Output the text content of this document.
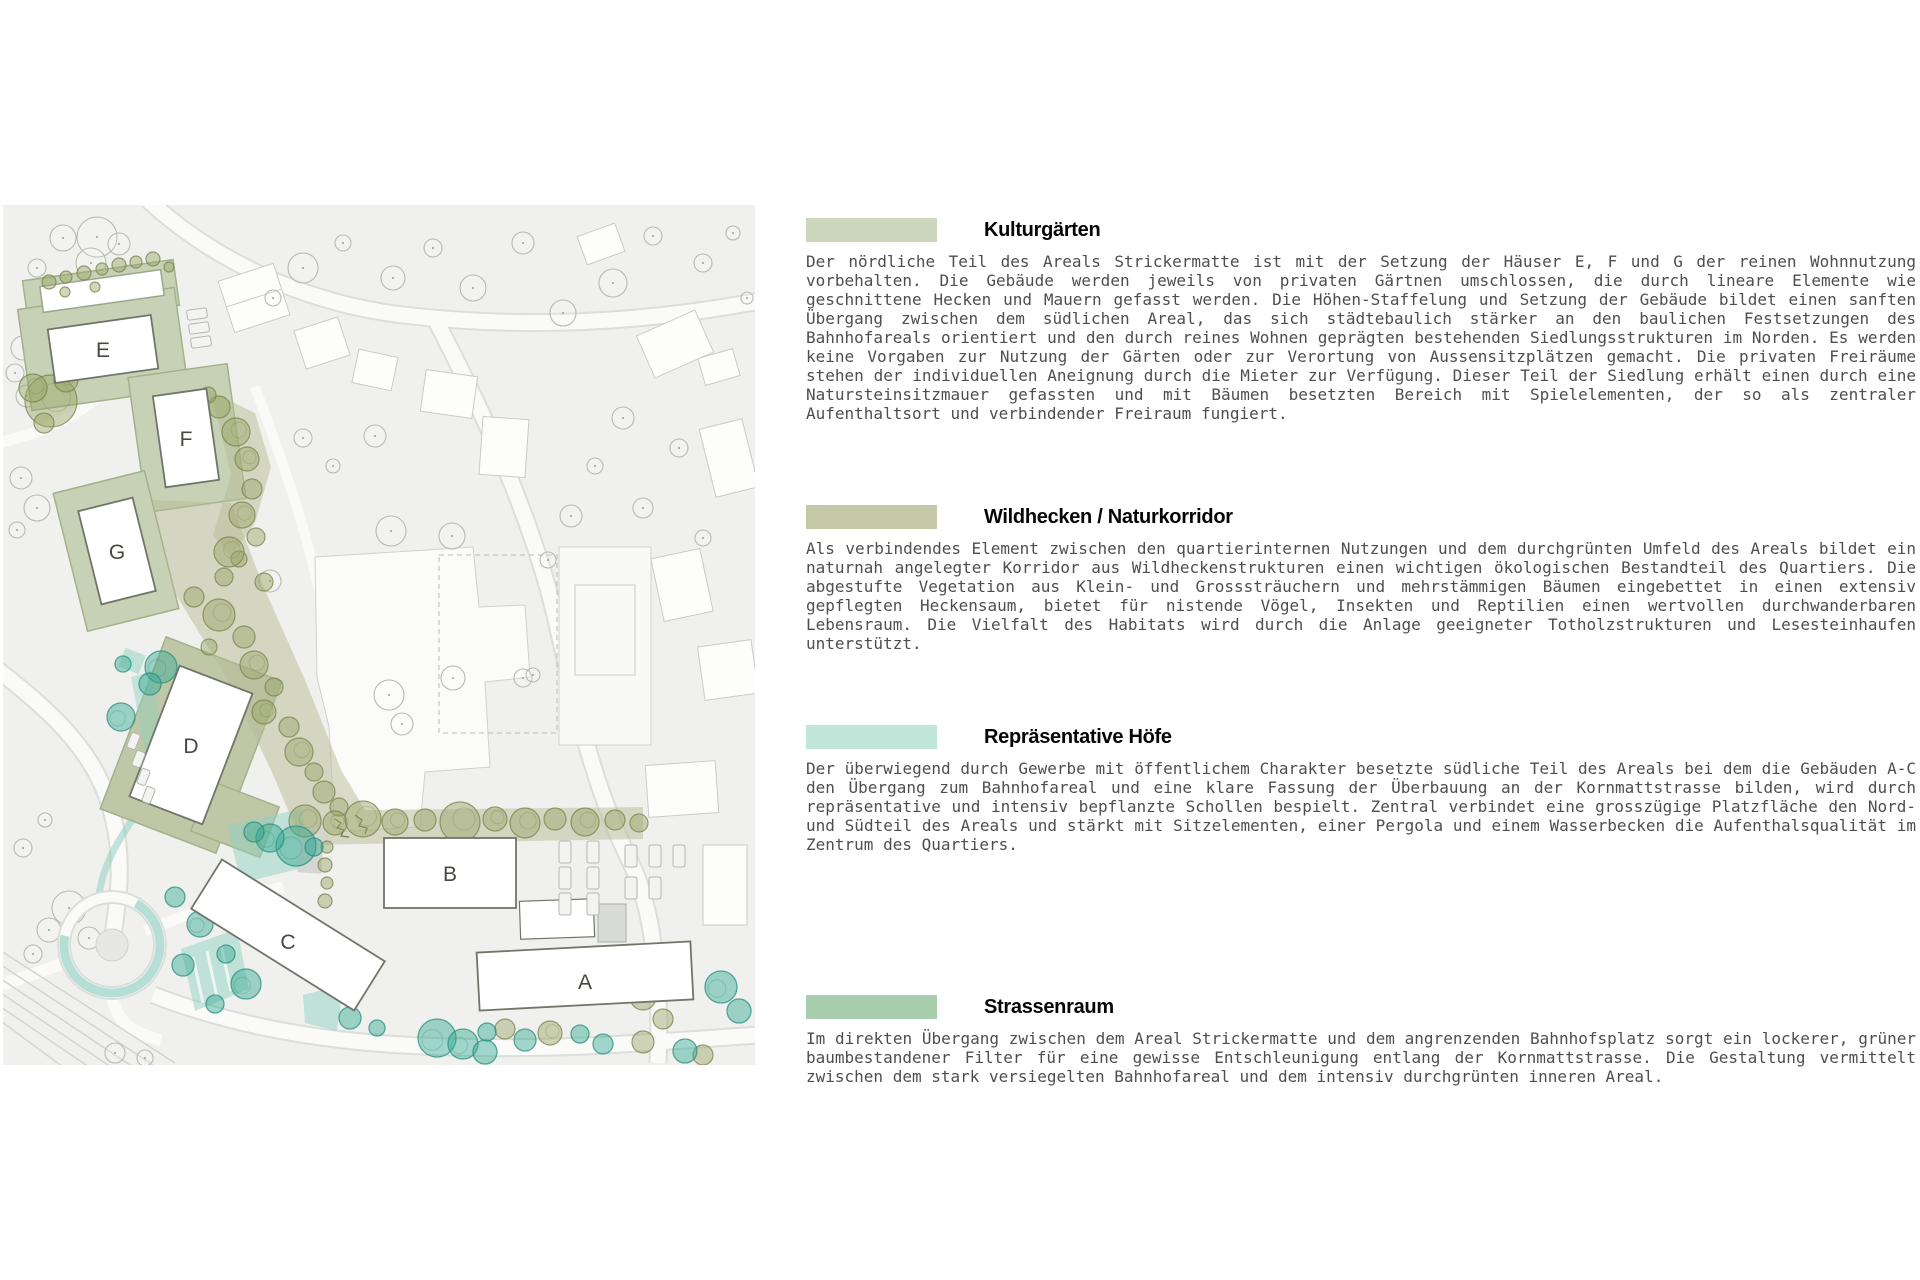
E
F
G
D
B
C
A
Kulturgärten
Der nördliche Teil des Areals Strickermatte ist mit der Setzung der Häuser E, F und G der reinen Wohnnutzung vorbehalten. Die Gebäude werden jeweils von privaten Gärtnen umschlossen, die durch lineare Elemente wie geschnittene Hecken und Mauern gefasst werden. Die Höhen-Staffelung und Setzung der Gebäude bildet einen sanften Übergang zwischen dem südlichen Areal, das sich städtebaulich stärker an den baulichen Festsetzungen des Bahnhofareals orientiert und den durch reines Wohnen geprägten bestehenden Siedlungsstrukturen im Norden. Es werden keine Vorgaben zur Nutzung der Gärten oder zur Verortung von Aussensitzplätzen gemacht. Die privaten Freiräume stehen der individuellen Aneignung durch die Mieter zur Verfügung. Dieser Teil der Siedlung erhält einen durch eine Natursteinsitzmauer gefassten und mit Bäumen besetzten Bereich mit Spielelementen, der so als zentraler Aufenthaltsort und verbindender Freiraum fungiert.
Wildhecken / Naturkorridor
Als verbindendes Element zwischen den quartierinternen Nutzungen und dem durchgrünten Umfeld des Areals bildet ein naturnah angelegter Korridor aus Wildheckenstrukturen einen wichtigen ökologischen Bestandteil des Quartiers. Die abgestufte Vegetation aus Klein- und Grosssträuchern und mehrstämmigen Bäumen eingebettet in einen extensiv gepflegten Heckensaum, bietet für nistende Vögel, Insekten und Reptilien einen wertvollen durchwanderbaren Lebensraum. Die Vielfalt des Habitats wird durch die Anlage geeigneter Totholzstrukturen und Lesesteinhaufen unterstützt.
Repräsentative Höfe
Der überwiegend durch Gewerbe mit öffentlichem Charakter besetzte südliche Teil des Areals bei dem die Gebäuden A-C den Übergang zum Bahnhofareal und eine klare Fassung der Überbauung an der Kornmattstrasse bilden, wird durch repräsentative und intensiv bepflanzte Schollen bespielt. Zentral verbindet eine grosszügige Platzfläche den Nord- und Südteil des Areals und stärkt mit Sitzelementen, einer Pergola und einem Wasserbecken die Aufenthalsqualität im Zentrum des Quartiers.
Strassenraum
Im direkten Übergang zwischen dem Areal Strickermatte und dem angrenzenden Bahnhofsplatz sorgt ein lockerer, grüner baumbestandener Filter für eine gewisse Entschleunigung entlang der Kornmattstrasse. Die Gestaltung vermittelt zwischen dem stark versiegelten Bahnhofareal und dem intensiv durchgrünten inneren Areal.
